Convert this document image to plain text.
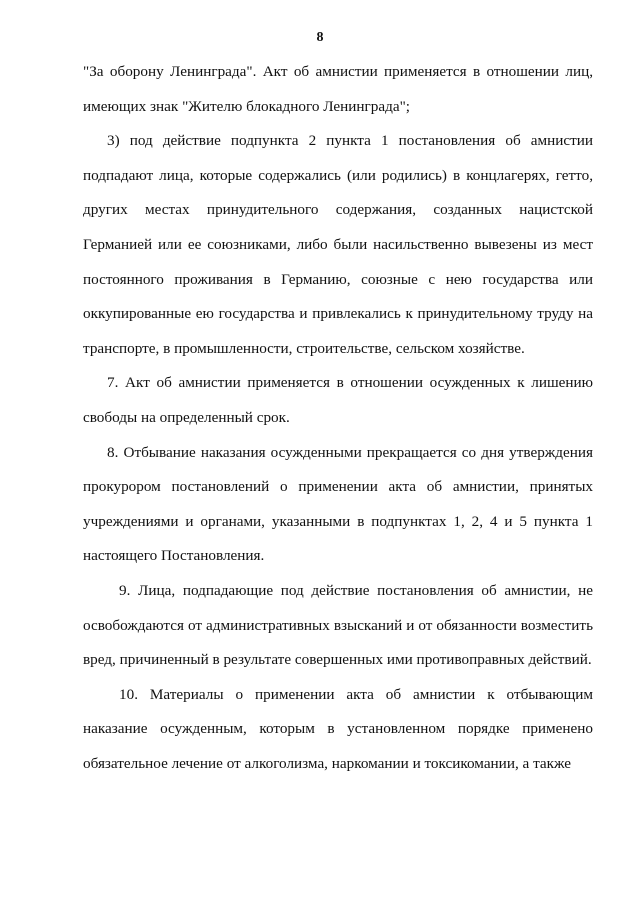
8

"За оборону Ленинграда". Акт об амнистии применяется в отношении лиц, имеющих знак "Жителю блокадного Ленинграда";

3) под действие подпункта 2 пункта 1 постановления об амнистии подпадают лица, которые содержались (или родились) в концлагерях, гетто, других местах принудительного содержания, созданных нацистской Германией или ее союзниками, либо были насильственно вывезены из мест постоянного проживания в Германию, союзные с нею государства или оккупированные ею государства и привлекались к принудительному труду на транспорте, в промышленности, строительстве, сельском хозяйстве.

7. Акт об амнистии применяется в отношении осужденных к лишению свободы на определенный срок.

8. Отбывание наказания осужденными прекращается со дня утверждения прокурором постановлений о применении акта об амнистии, принятых учреждениями и органами, указанными в подпунктах 1, 2, 4 и 5 пункта 1 настоящего Постановления.

9. Лица, подпадающие под действие постановления об амнистии, не освобождаются от административных взысканий и от обязанности возместить вред, причиненный в результате совершенных ими противоправных действий.

10. Материалы о применении акта об амнистии к отбывающим наказание осужденным, которым в установленном порядке применено обязательное лечение от алкоголизма, наркомании и токсикомании, а также
